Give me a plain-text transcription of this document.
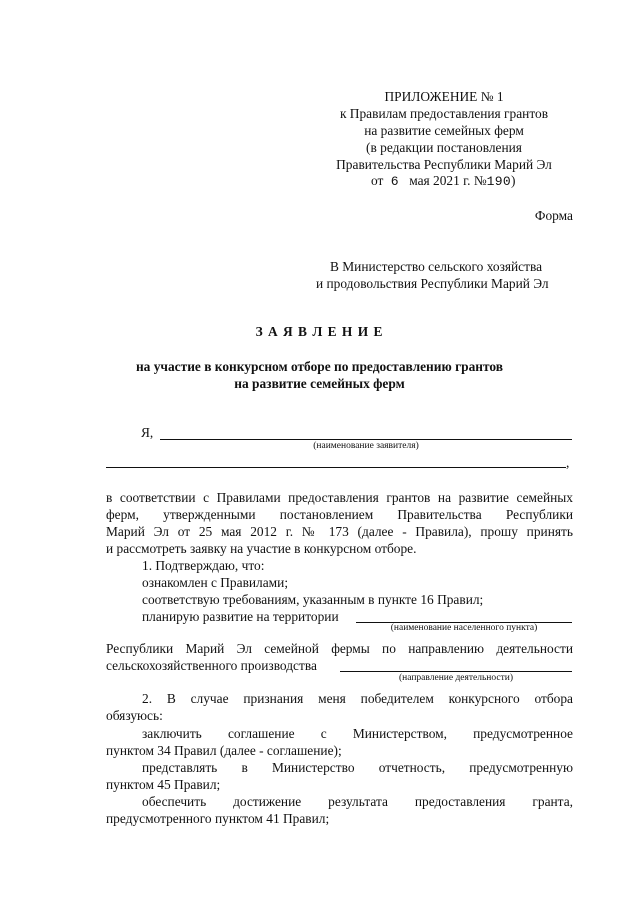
ПРИЛОЖЕНИЕ № 1
к Правилам предоставления грантов
на развитие семейных ферм
(в редакции постановления
Правительства Республики Марий Эл
от 6 мая 2021 г. №190)
Форма
В Министерство сельского хозяйства
и продовольствия Республики Марий Эл
З А Я В Л Е Н И Е
на участие в конкурсном отборе по предоставлению грантов
на развитие семейных ферм
Я,
(наименование заявителя)
,
в соответствии с Правилами предоставления грантов на развитие семейных
ферм, утвержденными постановлением Правительства Республики
Марий Эл от 25 мая 2012 г. № 173 (далее - Правила), прошу принять
и рассмотреть заявку на участие в конкурсном отборе.
1. Подтверждаю, что:
ознакомлен с Правилами;
соответствую требованиям, указанным в пункте 16 Правил;
планирую развитие на территории
(наименование населенного пункта)
Республики Марий Эл семейной фермы по направлению деятельности
сельскохозяйственного производства
(направление деятельности)
2. В случае признания меня победителем конкурсного отбора
обязуюсь:
заключить соглашение с Министерством, предусмотренное
пунктом 34 Правил (далее - соглашение);
представлять в Министерство отчетность, предусмотренную
пунктом 45 Правил;
обеспечить достижение результата предоставления гранта,
предусмотренного пунктом 41 Правил;
